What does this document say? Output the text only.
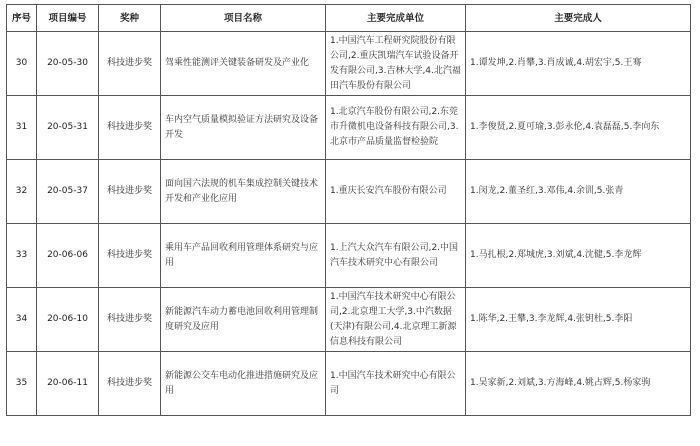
序号	项目编号	奖种	项目名称	主要完成单位	主要完成人
30	20-05-30	科技进步奖	驾乘性能测评关键装备研发及产业化	1.中国汽车工程研究院股份有限公司,2.重庆凯瑞汽车试验设备开发有限公司,3.吉林大学,4.北汽福田汽车股份有限公司	1.谭发坤,2.肖攀,3.肖成诚,4.胡宏宇,5.王骞
31	20-05-31	科技进步奖	车内空气质量模拟验证方法研究及设备开发	1.北京汽车股份有限公司,2.东莞市升微机电设备科技有限公司,3.北京市产品质量监督检验院	1.李俊贤,2.夏可瑜,3.彭永伦,4.袁磊磊,5.李向东
32	20-05-37	科技进步奖	面向国六法规的机车集成控制关键技术开发和产业化应用	1.重庆长安汽车股份有限公司	1.闵龙,2.董圣红,3.邓伟,4.余训,5.张青
33	20-06-06	科技进步奖	乘用车产品回收利用管理体系研究与应用	1.上汽大众汽车有限公司,2.中国汽车技术研究中心有限公司	1.马扎根,2.郑城虎,3.刘斌,4.沈健,5.李龙辉
34	20-06-10	科技进步奖	新能源汽车动力蓄电池回收利用管理制度研究及应用	1.中国汽车技术研究中心有限公司,2.北京理工大学,3.中汽数据(天津)有限公司,4.北京理工新源信息科技有限公司	1.陈华,2.王攀,3.李龙辉,4.张钥杜,5.李阳
35	20-06-11	科技进步奖	新能源公交车电动化推进措施研究及应用	1.中国汽车技术研究中心有限公司	1.吴家新,2.刘斌,3.方海峰,4.姚占辉,5.杨家驹
